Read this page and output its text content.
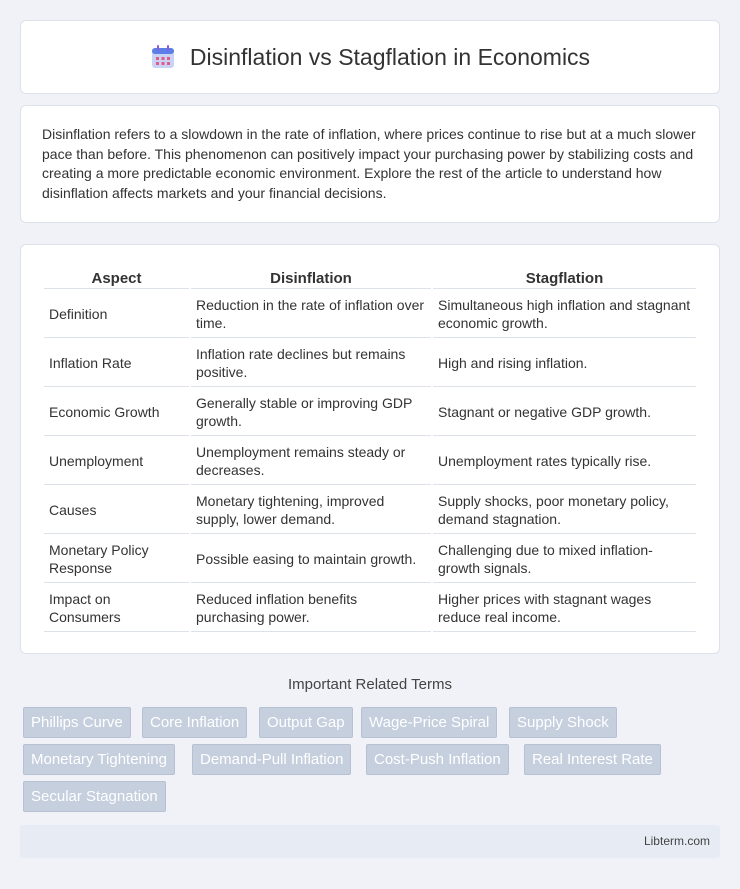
Disinflation vs Stagflation in Economics

Disinflation refers to a slowdown in the rate of inflation, where prices continue to rise but at a much slower pace than before. This phenomenon can positively impact your purchasing power by stabilizing costs and creating a more predictable economic environment. Explore the rest of the article to understand how disinflation affects markets and your financial decisions.

Aspect	Disinflation	Stagflation
Definition	Reduction in the rate of inflation over time.	Simultaneous high inflation and stagnant economic growth.
Inflation Rate	Inflation rate declines but remains positive.	High and rising inflation.
Economic Growth	Generally stable or improving GDP growth.	Stagnant or negative GDP growth.
Unemployment	Unemployment remains steady or decreases.	Unemployment rates typically rise.
Causes	Monetary tightening, improved supply, lower demand.	Supply shocks, poor monetary policy, demand stagnation.
Monetary Policy Response	Possible easing to maintain growth.	Challenging due to mixed inflation-growth signals.
Impact on Consumers	Reduced inflation benefits purchasing power.	Higher prices with stagnant wages reduce real income.
Important Related Terms
Phillips Curve	Core Inflation	Output Gap	Wage-Price Spiral	Supply Shock
Monetary Tightening	Demand-Pull Inflation	Cost-Push Inflation	Real Interest Rate
Secular Stagnation
Libterm.com
